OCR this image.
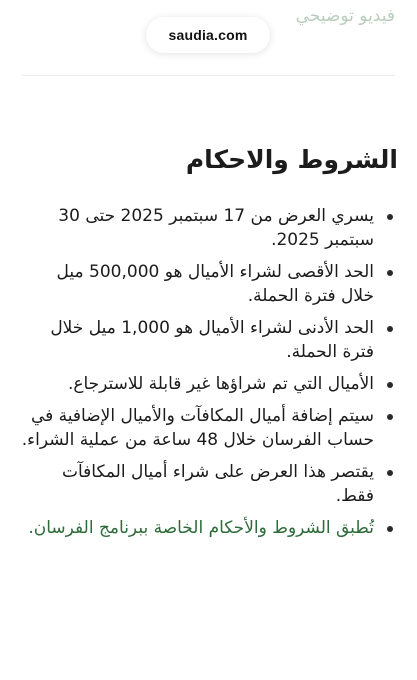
فيديو توضيحي
saudia.com
الشروط والاحكام
يسري العرض من 17 سبتمبر 2025 حتى 30 سبتمبر 2025.
الحد الأقصى لشراء الأميال هو 500,000 ميل خلال فترة الحملة.
الحد الأدنى لشراء الأميال هو 1,000 ميل خلال فترة الحملة.
الأميال التي تم شراؤها غير قابلة للاسترجاع.
سيتم إضافة أميال المكافآت والأميال الإضافية في حساب الفرسان خلال 48 ساعة من عملية الشراء.
يقتصر هذا العرض على شراء أميال المكافآت فقط.
تُطبق الشروط والأحكام الخاصة ببرنامج الفرسان.
